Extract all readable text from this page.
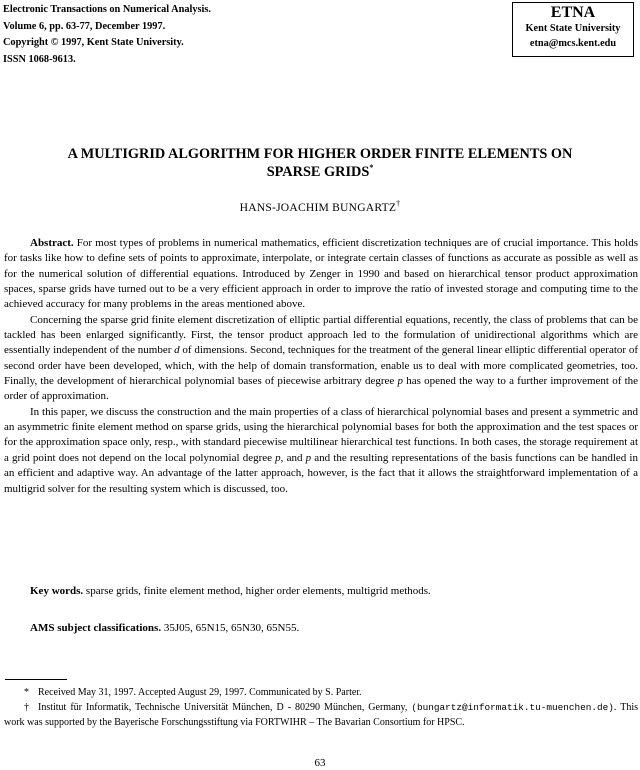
Electronic Transactions on Numerical Analysis.
Volume 6, pp. 63-77, December 1997.
Copyright © 1997, Kent State University.
ISSN 1068-9613.
ETNA
Kent State University
etna@mcs.kent.edu
A MULTIGRID ALGORITHM FOR HIGHER ORDER FINITE ELEMENTS ON
SPARSE GRIDS*
HANS-JOACHIM BUNGARTZ†

Abstract. For most types of problems in numerical mathematics, efficient discretization techniques are of crucial importance. This holds for tasks like how to define sets of points to approximate, interpolate, or integrate certain classes of functions as accurate as possible as well as for the numerical solution of differential equations. Introduced by Zenger in 1990 and based on hierarchical tensor product approximation spaces, sparse grids have turned out to be a very efficient approach in order to improve the ratio of invested storage and computing time to the achieved accuracy for many problems in the areas mentioned above.

Concerning the sparse grid finite element discretization of elliptic partial differential equations, recently, the class of problems that can be tackled has been enlarged significantly. First, the tensor product approach led to the formulation of unidirectional algorithms which are essentially independent of the number d of dimensions. Second, techniques for the treatment of the general linear elliptic differential operator of second order have been developed, which, with the help of domain transformation, enable us to deal with more complicated geometries, too. Finally, the development of hierarchical polynomial bases of piecewise arbitrary degree p has opened the way to a further improvement of the order of approximation.

In this paper, we discuss the construction and the main properties of a class of hierarchical polynomial bases and present a symmetric and an asymmetric finite element method on sparse grids, using the hierarchical polynomial bases for both the approximation and the test spaces or for the approximation space only, resp., with standard piecewise multilinear hierarchical test functions. In both cases, the storage requirement at a grid point does not depend on the local polynomial degree p, and p and the resulting representations of the basis functions can be handled in an efficient and adaptive way. An advantage of the latter approach, however, is the fact that it allows the straightforward implementation of a multigrid solver for the resulting system which is discussed, too.

Key words. sparse grids, finite element method, higher order elements, multigrid methods.
AMS subject classifications. 35J05, 65N15, 65N30, 65N55.
* Received May 31, 1997. Accepted August 29, 1997. Communicated by S. Parter.
† Institut für Informatik, Technische Universität München, D - 80290 München, Germany, (bungartz@informatik.tu-muenchen.de). This work was supported by the Bayerische Forschungsstiftung via FORTWIHR – The Bavarian Consortium for HPSC.
63
